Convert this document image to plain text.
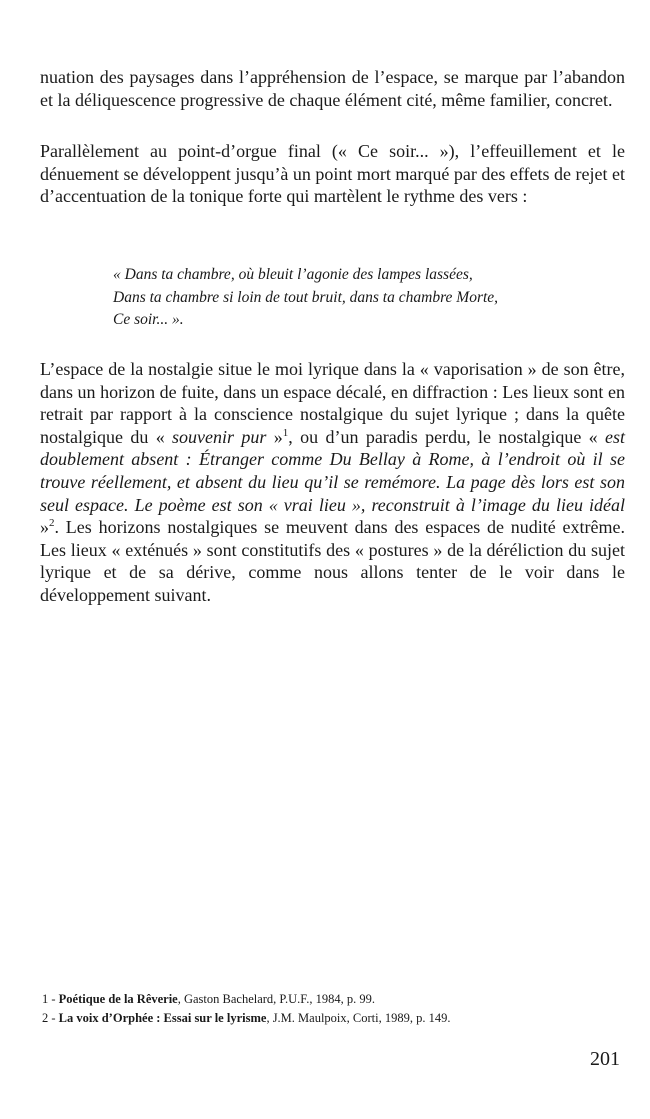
nuation des paysages dans l’appréhension de l’espace, se marque par l’abandon et la déliquescence progressive de chaque élément cité, même familier, concret.

Parallèlement au point-d’orgue final (« Ce soir... »), l’effeuillement et le dénuement se développent jusqu’à un point mort marqué par des effets de rejet et d’accentuation de la tonique forte qui martèlent le rythme des vers :

« Dans ta chambre, où bleuit l’agonie des lampes lassées,
Dans ta chambre si loin de tout bruit, dans ta chambre Morte,
Ce soir... ».

L’espace de la nostalgie situe le moi lyrique dans la « vaporisation » de son être, dans un horizon de fuite, dans un espace décalé, en diffraction : Les lieux sont en retrait par rapport à la conscience nostalgique du sujet lyrique ; dans la quête nostalgique du « souvenir pur »$^1$, ou d’un paradis perdu, le nostalgique « est doublement absent : Étranger comme Du Bellay à Rome, à l’endroit où il se trouve réellement, et absent du lieu qu’il se remémore. La page dès lors est son seul espace. Le poème est son « vrai lieu », reconstruit à l’image du lieu idéal »$^2$. Les horizons nostalgiques se meuvent dans des espaces de nudité extrême. Les lieux « exténués » sont constitutifs des « postures » de la déréliction du sujet lyrique et de sa dérive, comme nous allons tenter de le voir dans le développement suivant.

1 - Poétique de la Rêverie, Gaston Bachelard, P.U.F., 1984, p. 99.
2 - La voix d’Orphée : Essai sur le lyrisme, J.M. Maulpoix, Corti, 1989, p. 149.
201
